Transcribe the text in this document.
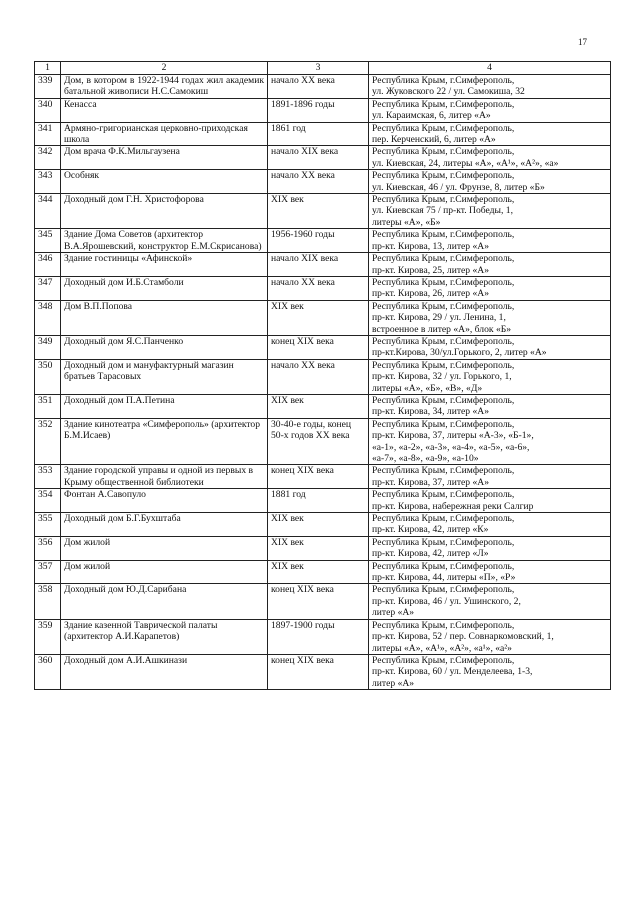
17
1	2	3	4
339	Дом, в котором в 1922-1944 годах жил академик батальной живописи Н.С.Самокиш	начало XX века	Республика Крым, г.Симферополь,
ул. Жуковского 22 / ул. Самокиша, 32

340	Кенасса	1891-1896 годы	Республика Крым, г.Симферополь,
ул. Караимская, 6, литер «А»

341	Армяно-григорианская церковно-приходская школа	1861 год	Республика Крым, г.Симферополь,
пер. Керченский, 6, литер «А»

342	Дом врача Ф.К.Мильгаузена	начало XIX века	Республика Крым, г.Симферополь,
ул. Киевская, 24, литеры «А», «А¹», «А²», «а»

343	Особняк	начало XX века	Республика Крым, г.Симферополь,
ул. Киевская, 46 / ул. Фрунзе, 8, литер «Б»

344	Доходный дом Г.Н. Христофорова	XIX век	Республика Крым, г.Симферополь,
ул. Киевская 75 / пр-кт. Победы, 1,
литеры «А», «Б»

345	Здание Дома Советов (архитектор В.А.Ярошевский, конструктор Е.М.Скрисанова)	1956-1960 годы	Республика Крым, г.Симферополь,
пр-кт. Кирова, 13, литер «А»

346	Здание гостиницы «Афинской»	начало XIX века	Республика Крым, г.Симферополь,
пр-кт. Кирова, 25, литер «А»

347	Доходный дом И.Б.Стамболи	начало XX века	Республика Крым, г.Симферополь,
пр-кт. Кирова, 26, литер «А»

348	Дом В.П.Попова	XIX век	Республика Крым, г.Симферополь,
пр-кт. Кирова, 29 / ул. Ленина, 1,
встроенное в литер «А», блок «Б»

349	Доходный дом Я.С.Панченко	конец XIX века	Республика Крым, г.Симферополь,
пр-кт.Кирова, 30/ул.Горького, 2, литер «А»

350	Доходный дом и мануфактурный магазин братьев Тарасовых	начало XX века	Республика Крым, г.Симферополь,
пр-кт. Кирова, 32 / ул. Горького, 1,
литеры «А», «Б», «В», «Д»

351	Доходный дом П.А.Петина	XIX век	Республика Крым, г.Симферополь,
пр-кт. Кирова, 34, литер «А»

352	Здание кинотеатра «Симферополь» (архитектор Б.М.Исаев)	30-40-е годы, конец 50-х годов XX века	Республика Крым, г.Симферополь,
пр-кт. Кирова, 37, литеры «А-3», «Б-1»,
«а-1», «а-2», «а-3», «а-4», «а-5», «а-6»,
«а-7», «а-8», «а-9», «а-10»

353	Здание городской управы и одной из первых в Крыму общественной библиотеки	конец XIX века	Республика Крым, г.Симферополь,
пр-кт. Кирова, 37, литер «А»

354	Фонтан А.Савопуло	1881 год	Республика Крым, г.Симферополь,
пр-кт. Кирова, набережная реки Салгир

355	Доходный дом Б.Г.Бухштаба	XIX век	Республика Крым, г.Симферополь,
пр-кт. Кирова, 42, литер «К»

356	Дом жилой	XIX век	Республика Крым, г.Симферополь,
пр-кт. Кирова, 42, литер «Л»

357	Дом жилой	XIX век	Республика Крым, г.Симферополь,
пр-кт. Кирова, 44, литеры «П», «Р»

358	Доходный дом Ю.Д.Сарибана	конец XIX века	Республика Крым, г.Симферополь,
пр-кт. Кирова, 46 / ул. Ушинского, 2,
литер «А»

359	Здание казенной Таврической палаты (архитектор А.И.Карапетов)	1897-1900 годы	Республика Крым, г.Симферополь,
пр-кт. Кирова, 52 / пер. Совнаркомовский, 1,
литеры «А», «А¹», «А²», «а¹», «а²»

360	Доходный дом А.И.Ашкинази	конец XIX века	Республика Крым, г.Симферополь,
пр-кт. Кирова, 60 / ул. Менделеева, 1-3,
литер «А»
